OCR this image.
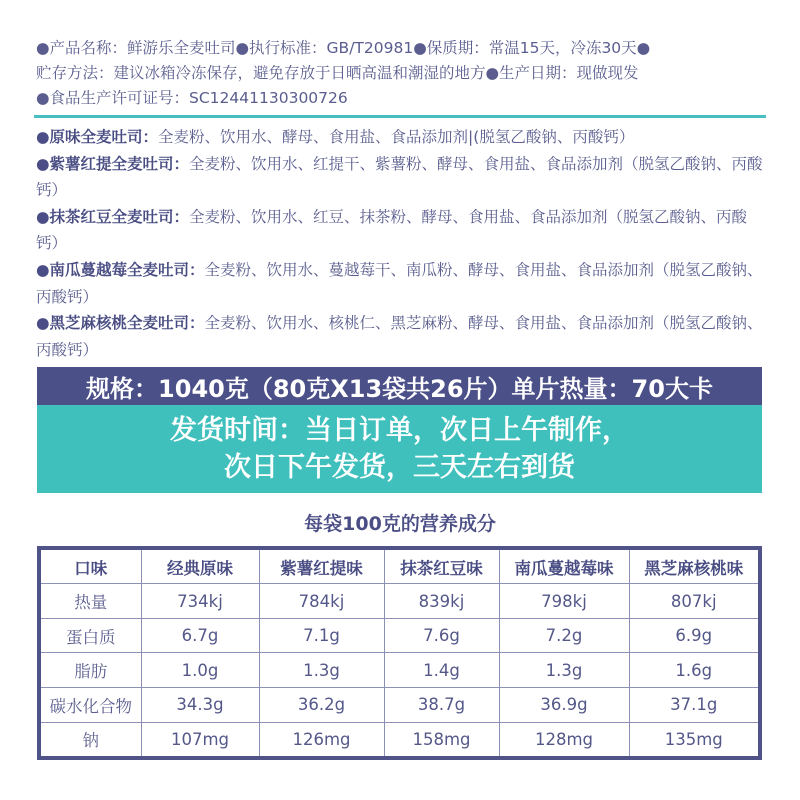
●产品名称：鲜游乐全麦吐司●执行标准：GB/T20981●保质期：常温15天，冷冻30天●
贮存方法：建议冰箱冷冻保存，避免存放于日晒高温和潮湿的地方●生产日期：现做现发
●食品生产许可证号：SC12441130300726
●原味全麦吐司：全麦粉、饮用水、酵母、食用盐、食品添加剂|(脱氢乙酸钠、丙酸钙）
●紫薯红提全麦吐司：全麦粉、饮用水、红提干、紫薯粉、酵母、食用盐、食品添加剂（脱氢乙酸钠、丙酸钙）
●抹茶红豆全麦吐司：全麦粉、饮用水、红豆、抹茶粉、酵母、食用盐、食品添加剂（脱氢乙酸钠、丙酸钙）
●南瓜蔓越莓全麦吐司：全麦粉、饮用水、蔓越莓干、南瓜粉、酵母、食用盐、食品添加剂（脱氢乙酸钠、丙酸钙）
●黑芝麻核桃全麦吐司：全麦粉、饮用水、核桃仁、黑芝麻粉、酵母、食用盐、食品添加剂（脱氢乙酸钠、丙酸钙）
规格：1040克（80克X13袋共26片）单片热量：70大卡
发货时间：当日订单，次日上午制作，
次日下午发货，三天左右到货
每袋100克的营养成分
口味	经典原味	紫薯红提味	抹茶红豆味	南瓜蔓越莓味	黑芝麻核桃味
热量	734kj	784kj	839kj	798kj	807kj
蛋白质	6.7g	7.1g	7.6g	7.2g	6.9g
脂肪	1.0g	1.3g	1.4g	1.3g	1.6g
碳水化合物	34.3g	36.2g	38.7g	36.9g	37.1g
钠	107mg	126mg	158mg	128mg	135mg
